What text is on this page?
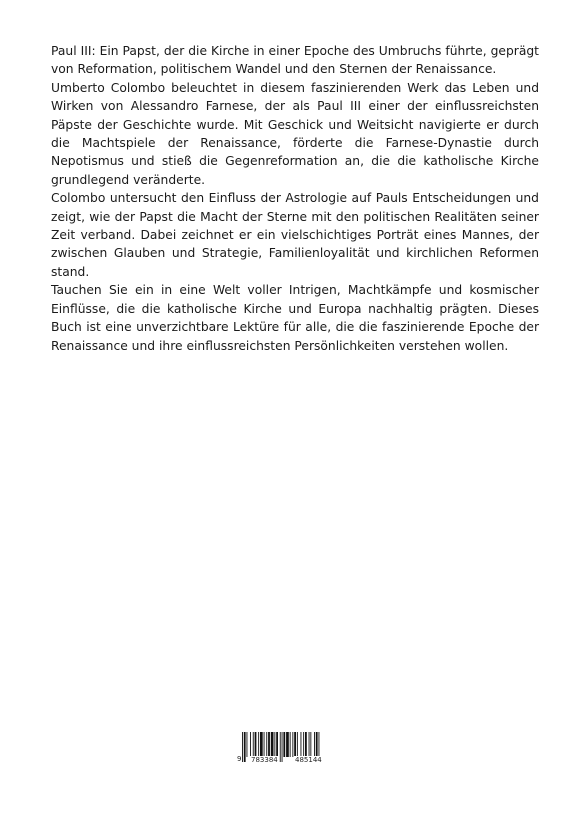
Paul III: Ein Papst, der die Kirche in einer Epoche des Umbruchs führte, geprägt von Reformation, politischem Wandel und den Sternen der Renaissance.

Umberto Colombo beleuchtet in diesem faszinierenden Werk das Leben und Wirken von Alessandro Farnese, der als Paul III einer der einflussreichsten Päpste der Geschichte wurde. Mit Geschick und Weitsicht navigierte er durch die Machtspiele der Renaissance, förderte die Farnese-Dynastie durch Nepotismus und stieß die Gegenreformation an, die die katholische Kirche grundlegend veränderte.

Colombo untersucht den Einfluss der Astrologie auf Pauls Entscheidungen und zeigt, wie der Papst die Macht der Sterne mit den politischen Realitäten seiner Zeit verband. Dabei zeichnet er ein vielschichtiges Porträt eines Mannes, der zwischen Glauben und Strategie, Familienloyalität und kirchlichen Reformen stand.

Tauchen Sie ein in eine Welt voller Intrigen, Machtkämpfe und kosmischer Einflüsse, die die katholische Kirche und Europa nachhaltig prägten. Dieses Buch ist eine unverzichtbare Lektüre für alle, die die faszinierende Epoche der Renaissance und ihre einflussreichsten Persönlichkeiten verstehen wollen.

9 783384 485144
